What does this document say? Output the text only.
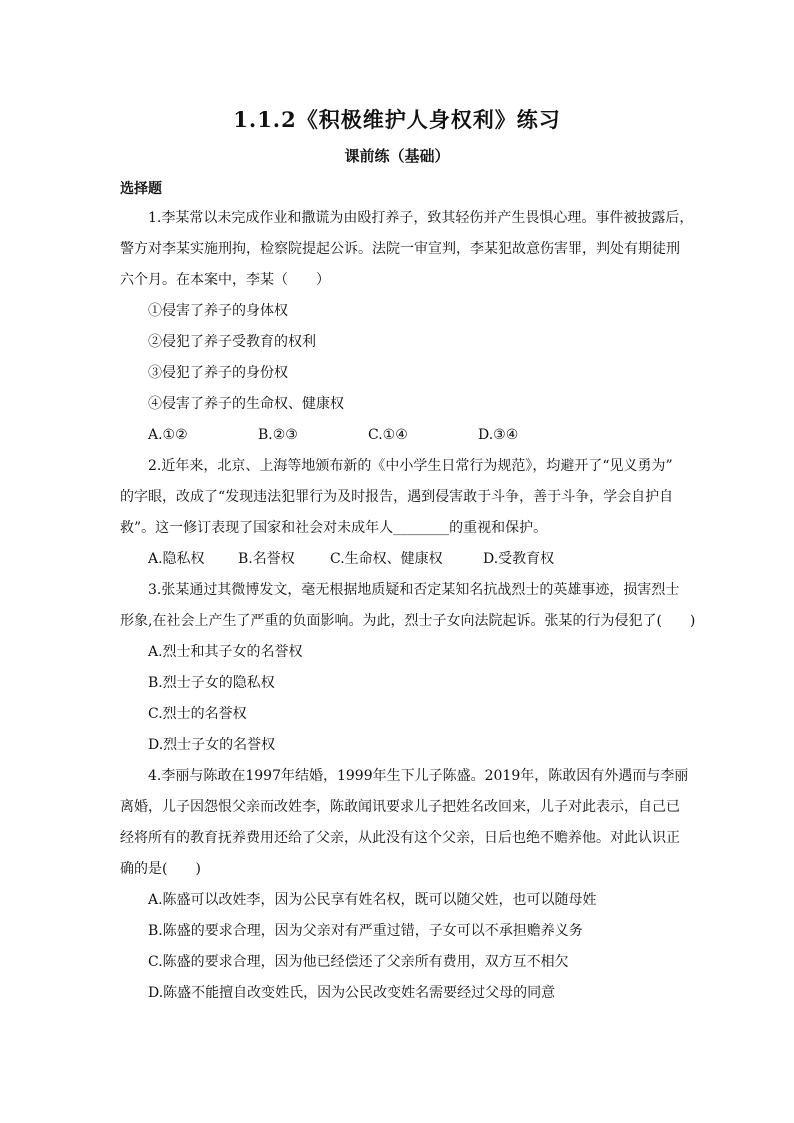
1.1.2《积极维护人身权利》练习
课前练（基础）
选择题
1.李某常以未完成作业和撒谎为由殴打养子，致其轻伤并产生畏惧心理。事件被披露后，
警方对李某实施刑拘，检察院提起公诉。法院一审宣判，李某犯故意伤害罪，判处有期徒刑
六个月。在本案中，李某（　　）
①侵害了养子的身体权
②侵犯了养子受教育的权利
③侵犯了养子的身份权
④侵害了养子的生命权、健康权
A.①②	B.②③	C.①④	D.③④
2.近年来，北京、上海等地颁布新的《中小学生日常行为规范》，均避开了“见义勇为”
的字眼，改成了“发现违法犯罪行为及时报告，遇到侵害敢于斗争，善于斗争，学会自护自
救”。这一修订表现了国家和社会对未成年人________的重视和保护。
A.隐私权	B.名誉权	C.生命权、健康权	D.受教育权
3.张某通过其微博发文，毫无根据地质疑和否定某知名抗战烈士的英雄事迹，损害烈士
形象,在社会上产生了严重的负面影响。为此，烈士子女向法院起诉。张某的行为侵犯了(　　)
A.烈士和其子女的名誉权
B.烈士子女的隐私权
C.烈士的名誉权
D.烈士子女的名誉权
4.李丽与陈敢在1997年结婚，1999年生下儿子陈盛。2019年，陈敢因有外遇而与李丽
离婚，儿子因怨恨父亲而改姓李，陈敢闻讯要求儿子把姓名改回来，儿子对此表示，自己已
经将所有的教育抚养费用还给了父亲，从此没有这个父亲，日后也绝不赡养他。对此认识正
确的是(　　)
A.陈盛可以改姓李，因为公民享有姓名权，既可以随父姓，也可以随母姓
B.陈盛的要求合理，因为父亲对有严重过错，子女可以不承担赡养义务
C.陈盛的要求合理，因为他已经偿还了父亲所有费用，双方互不相欠
D.陈盛不能擅自改变姓氏，因为公民改变姓名需要经过父母的同意
